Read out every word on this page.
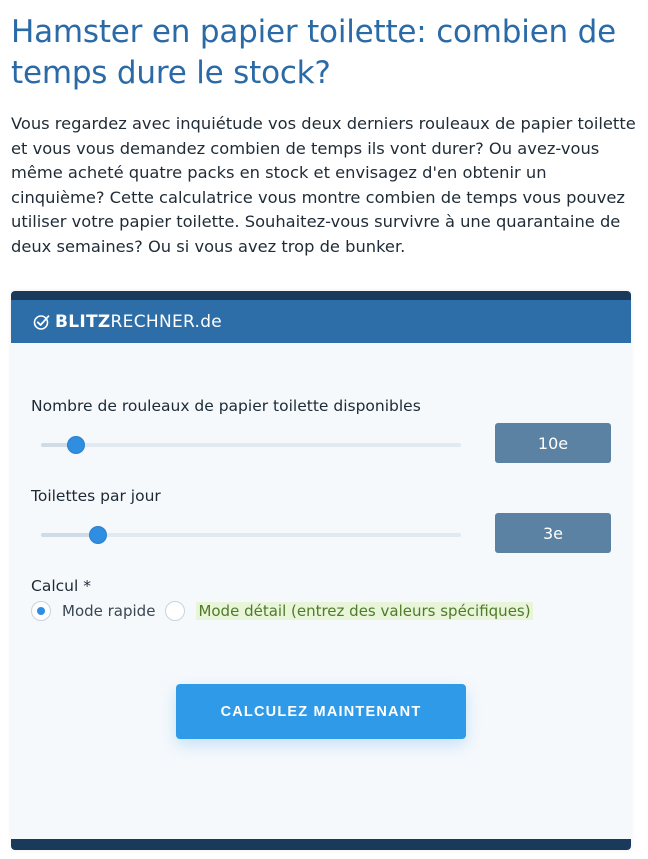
Hamster en papier toilette: combien de temps dure le stock?

Vous regardez avec inquiétude vos deux derniers rouleaux de papier toilette et vous vous demandez combien de temps ils vont durer? Ou avez-vous même acheté quatre packs en stock et envisagez d'en obtenir un cinquième? Cette calculatrice vous montre combien de temps vous pouvez utiliser votre papier toilette. Souhaitez-vous survivre à une quarantaine de deux semaines? Ou si vous avez trop de bunker.

BLITZ RECHNER.de

Nombre de rouleaux de papier toilette disponibles

10e

Toilettes par jour

3e

Calcul *

Mode rapide	Mode détail (entrez des valeurs spécifiques)
CALCULEZ MAINTENANT
